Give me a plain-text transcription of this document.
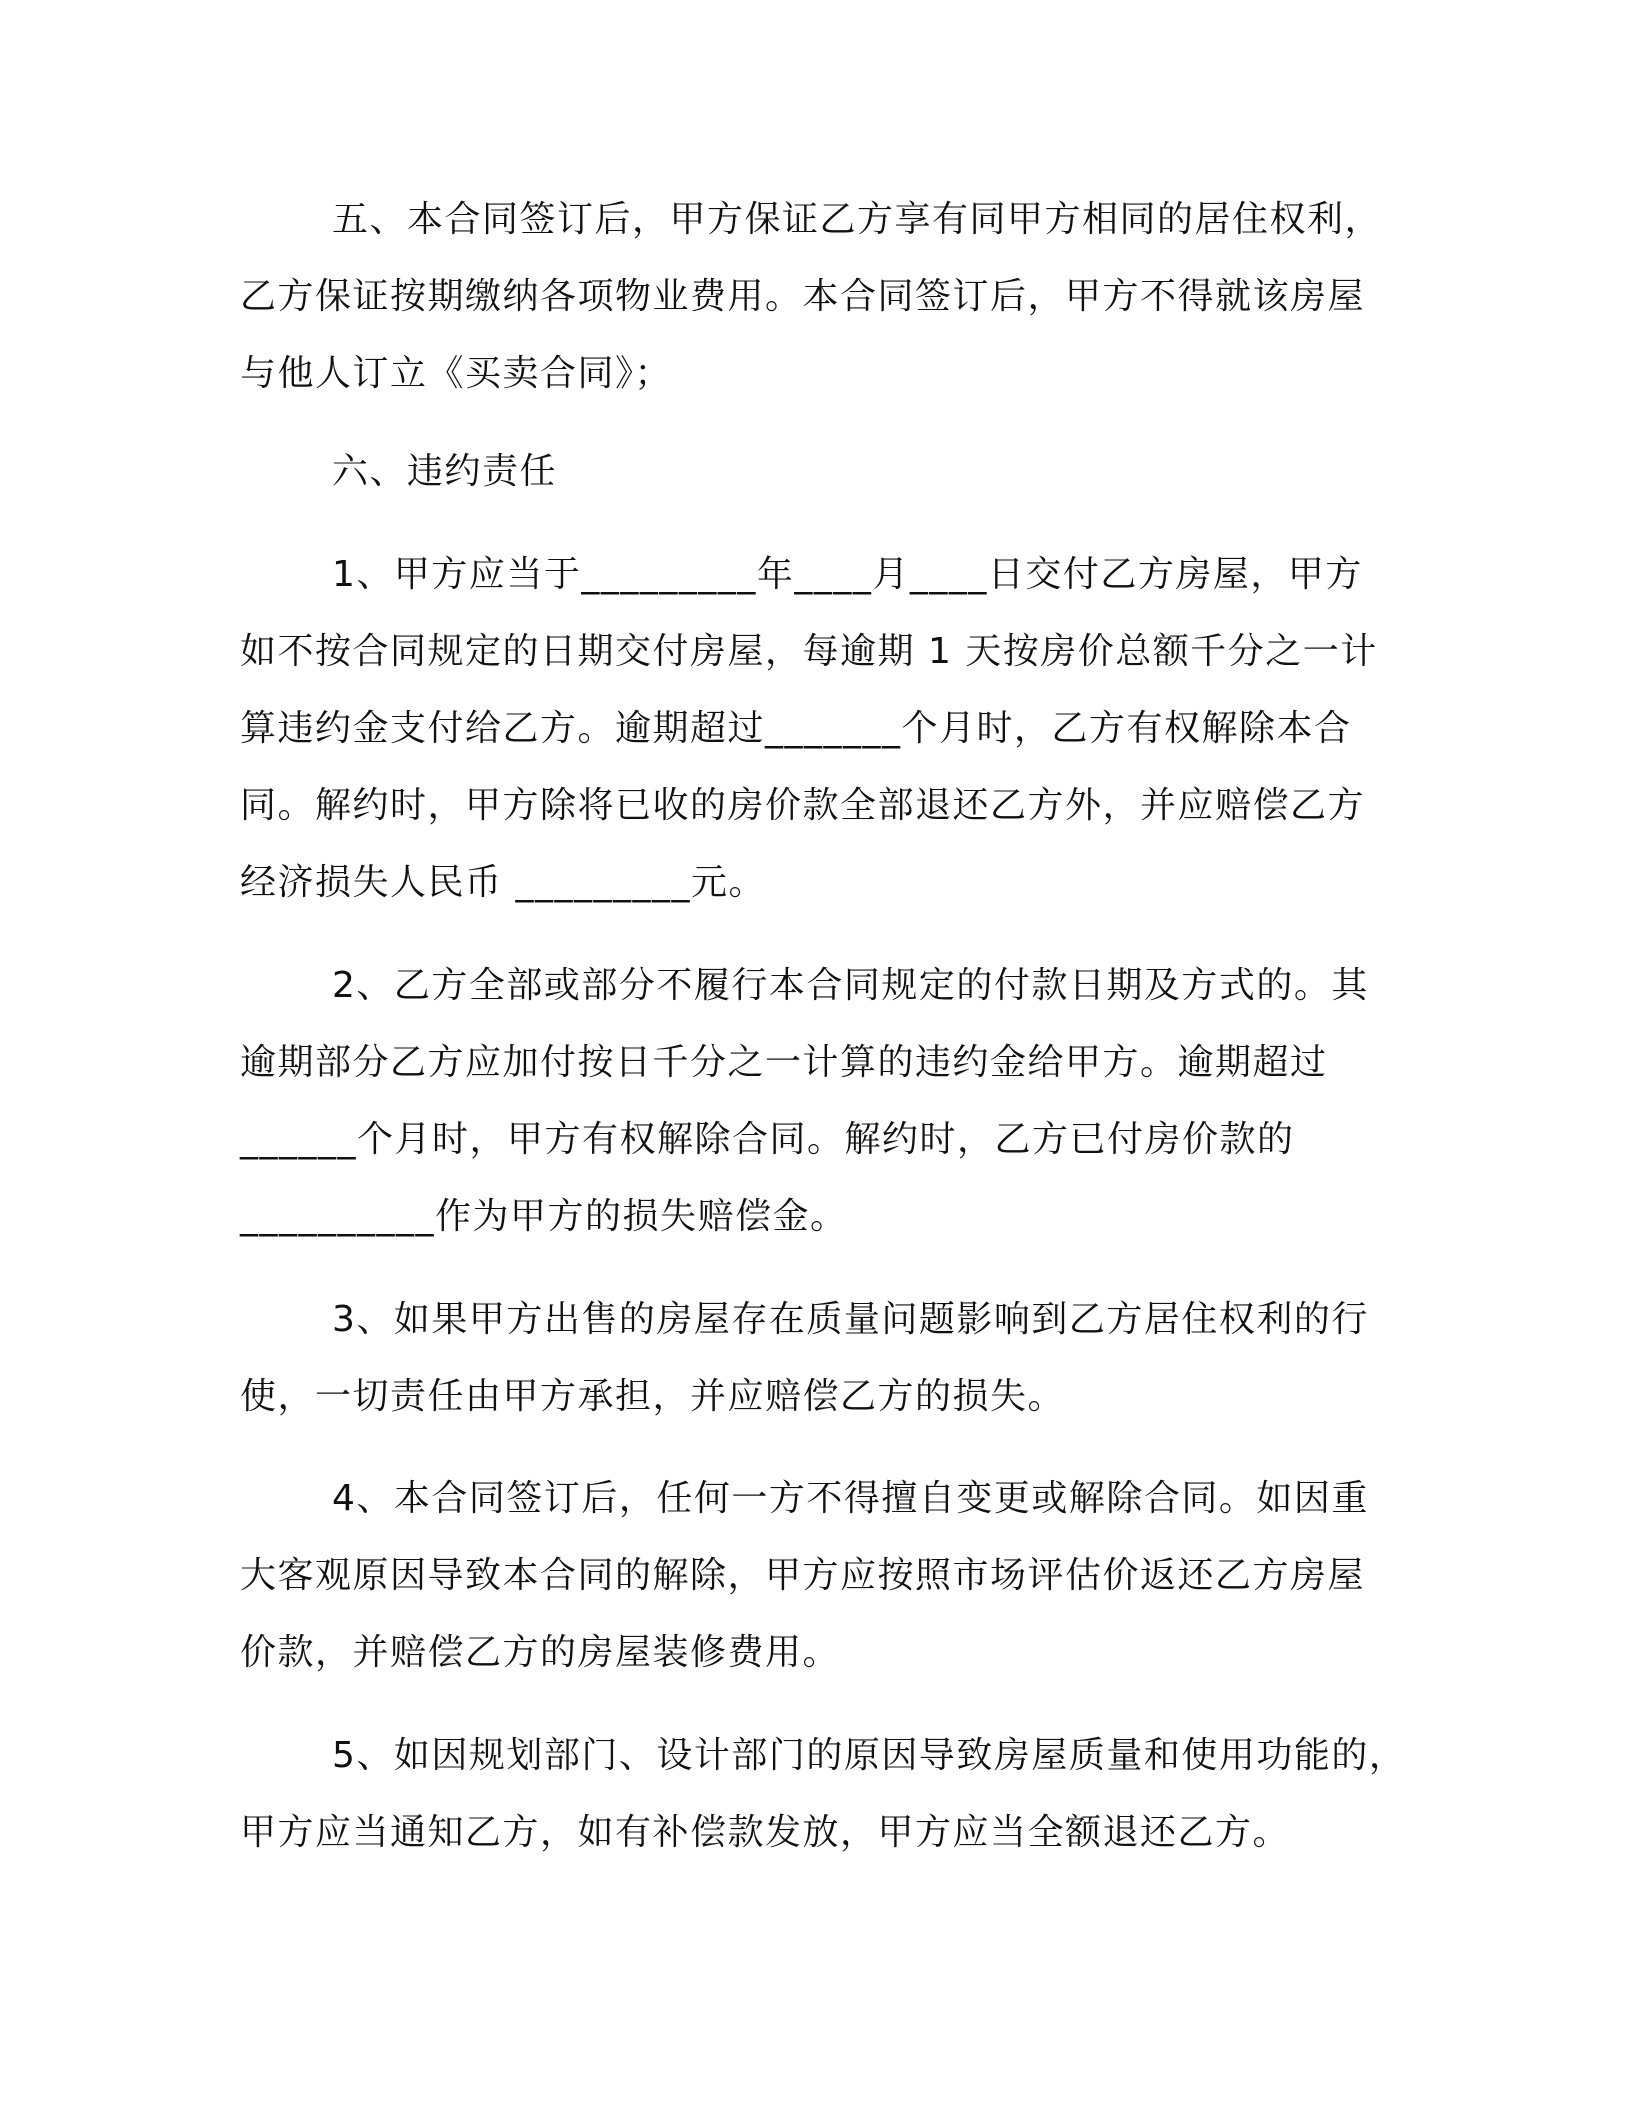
五、本合同签订后，甲方保证乙方享有同甲方相同的居住权利，
乙方保证按期缴纳各项物业费用。本合同签订后，甲方不得就该房屋
与他人订立《买卖合同》；
六、违约责任
1、甲方应当于_________年____月____日交付乙方房屋，甲方
如不按合同规定的日期交付房屋，每逾期 1 天按房价总额千分之一计
算违约金支付给乙方。逾期超过_______个月时，乙方有权解除本合
同。解约时，甲方除将已收的房价款全部退还乙方外，并应赔偿乙方
经济损失人民币 _________元。
2、乙方全部或部分不履行本合同规定的付款日期及方式的。其
逾期部分乙方应加付按日千分之一计算的违约金给甲方。逾期超过
______个月时，甲方有权解除合同。解约时，乙方已付房价款的
__________作为甲方的损失赔偿金。
3、如果甲方出售的房屋存在质量问题影响到乙方居住权利的行
使，一切责任由甲方承担，并应赔偿乙方的损失。
4、本合同签订后，任何一方不得擅自变更或解除合同。如因重
大客观原因导致本合同的解除，甲方应按照市场评估价返还乙方房屋
价款，并赔偿乙方的房屋装修费用。
5、如因规划部门、设计部门的原因导致房屋质量和使用功能的，
甲方应当通知乙方，如有补偿款发放，甲方应当全额退还乙方。
